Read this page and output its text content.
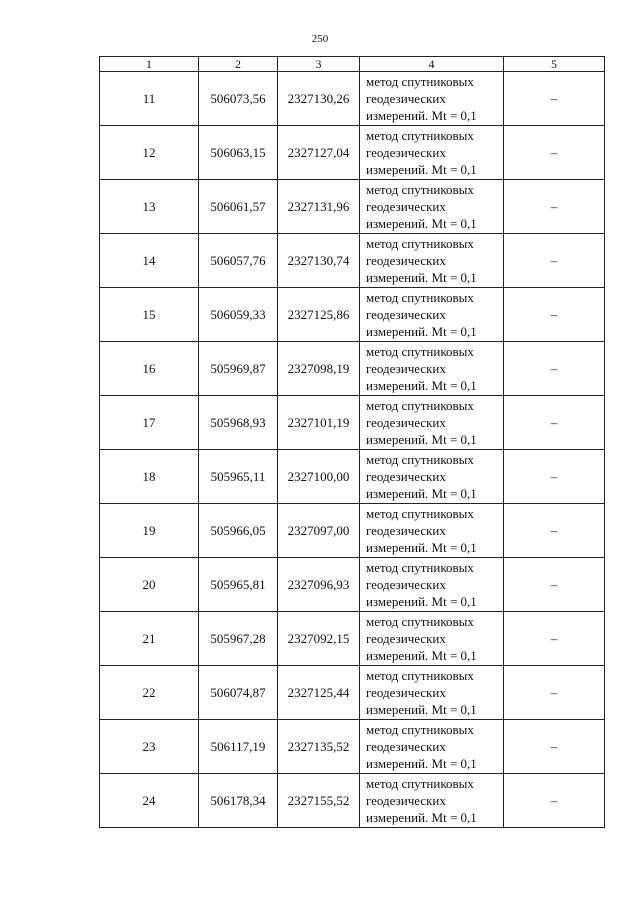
250
1	2	3	4	5
11	506073,56	2327130,26	метод спутниковых
геодезических
измерений. Mt = 0,1	–
12	506063,15	2327127,04	метод спутниковых
геодезических
измерений. Mt = 0,1	–
13	506061,57	2327131,96	метод спутниковых
геодезических
измерений. Mt = 0,1	–
14	506057,76	2327130,74	метод спутниковых
геодезических
измерений. Mt = 0,1	–
15	506059,33	2327125,86	метод спутниковых
геодезических
измерений. Mt = 0,1	–
16	505969,87	2327098,19	метод спутниковых
геодезических
измерений. Mt = 0,1	–
17	505968,93	2327101,19	метод спутниковых
геодезических
измерений. Mt = 0,1	–
18	505965,11	2327100,00	метод спутниковых
геодезических
измерений. Mt = 0,1	–
19	505966,05	2327097,00	метод спутниковых
геодезических
измерений. Mt = 0,1	–
20	505965,81	2327096,93	метод спутниковых
геодезических
измерений. Mt = 0,1	–
21	505967,28	2327092,15	метод спутниковых
геодезических
измерений. Mt = 0,1	–
22	506074,87	2327125,44	метод спутниковых
геодезических
измерений. Mt = 0,1	–
23	506117,19	2327135,52	метод спутниковых
геодезических
измерений. Mt = 0,1	–
24	506178,34	2327155,52	метод спутниковых
геодезических
измерений. Mt = 0,1	–
